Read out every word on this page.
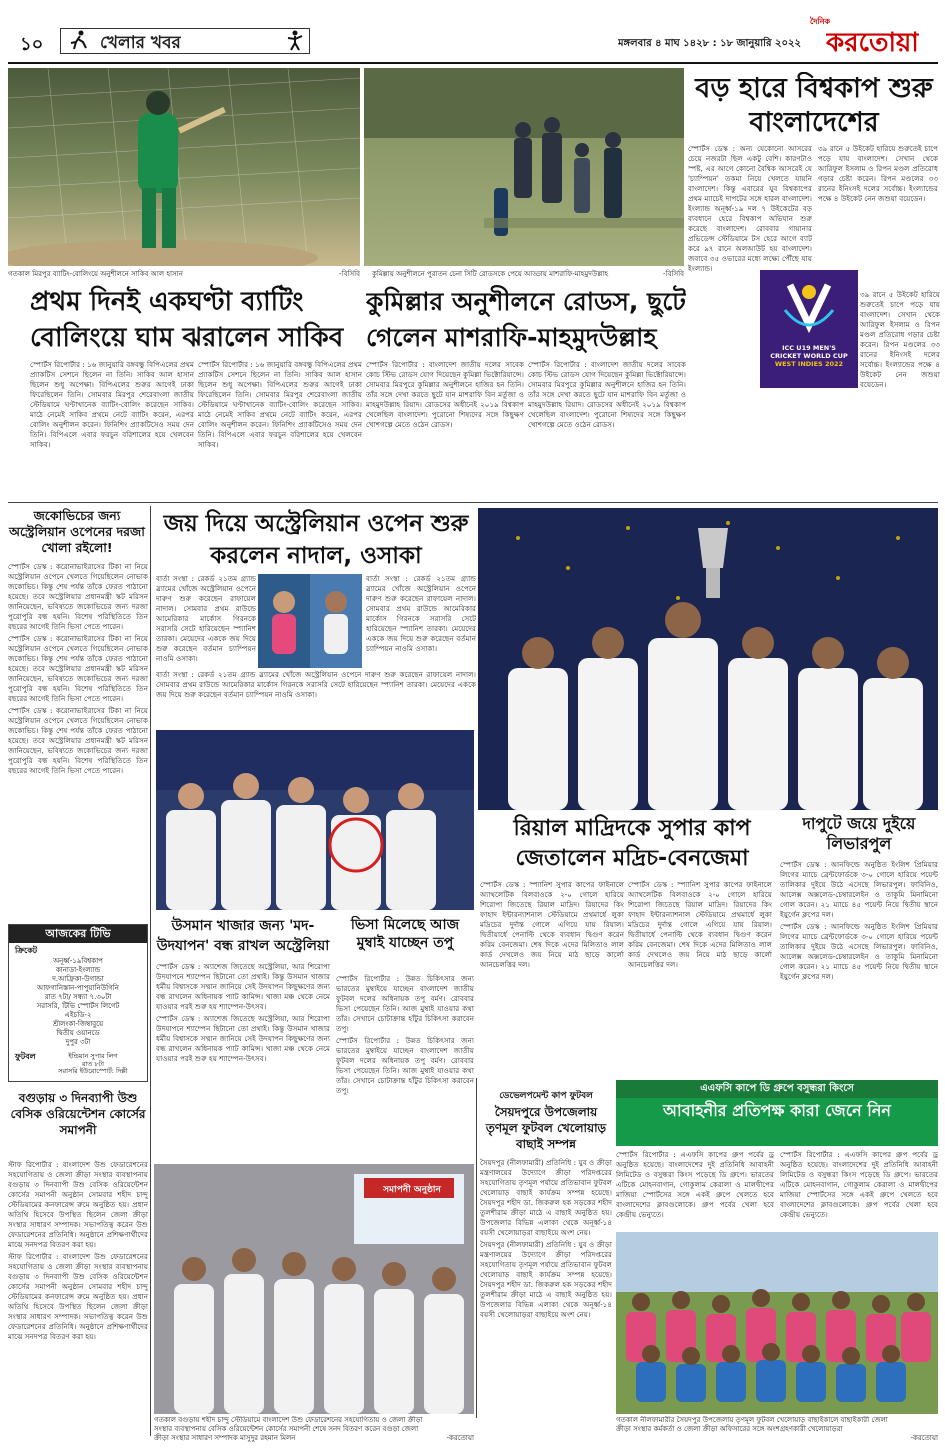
১০	খেলার খবর	মঙ্গলবার ৪ মাঘ ১৪২৮ : ১৮ জানুয়ারি ২০২২
দৈনিক
করতোয়া
গতকাল মিরপুর ব্যাটিং-বোলিংয়ে অনুশীলনে সাকিব আল হাসান	-বিসিবি কুমিল্লায় অনুশীলনে পুরাতন চেনা সিটি রোডসকে পেয়ে আড্ডায় মাশরাফি-মাহমুদউল্লাহ	-বিসিবি
বড় হারে বিশ্বকাপ শুরু বাংলাদেশের

স্পোর্টস ডেস্ক : অন্য যেকোনো আসরের চেয়ে নজরটা ছিল একটু বেশি। কারণটাও স্পষ্ট, এর আগে কোনো বৈশ্বিক আসরেই যে 'চ্যাম্পিয়ন' তকমা নিয়ে খেলতে যায়নি বাংলাদেশ। কিন্তু এবারের যুব বিশ্বকাপের প্রথম ম্যাচেই দাপটের সঙ্গে হারল বাংলাদেশ। ইংল্যান্ড অনূর্ধ্ব-১৯ দল ৭ উইকেটের বড় ব্যবধানে হেরে বিশ্বকাপ অভিযান শুরু করেছে বাংলাদেশ। রোববার গায়ানার প্রভিডেন্স স্টেডিয়ামে টস হেরে আগে ব্যাট করে ৯৭ রানে অলআউট হয় বাংলাদেশ। জবাবে ৩৫ ওভারের মধ্যে লক্ষ্যে পৌঁছে যায় ইংল্যান্ড।

৩৯ রানে ৫ উইকেট হারিয়ে শুরুতেই চাপে পড়ে যায় বাংলাদেশ। সেখান থেকে আরিফুল ইসলাম ও রিপন মণ্ডল প্রতিরোধ গড়ার চেষ্টা করেন। রিপন মণ্ডলের ৩৩ রানের ইনিংসই দলের সর্বোচ্চ। ইংল্যান্ডের পক্ষে ৪ উইকেট নেন জশুয়া বয়েডেন।

ICC U19 MEN'S
CRICKET WORLD CUP
WEST INDIES 2022

৩৯ রানে ৫ উইকেট হারিয়ে শুরুতেই চাপে পড়ে যায় বাংলাদেশ। সেখান থেকে আরিফুল ইসলাম ও রিপন মণ্ডল প্রতিরোধ গড়ার চেষ্টা করেন। রিপন মণ্ডলের ৩৩ রানের ইনিংসই দলের সর্বোচ্চ। ইংল্যান্ডের পক্ষে ৪ উইকেট নেন জশুয়া বয়েডেন।

প্রথম দিনই একঘণ্টা ব্যাটিং বোলিংয়ে ঘাম ঝরালেন সাকিব

স্পোর্টস রিপোর্টার : ১৬ জানুয়ারি বঙ্গবন্ধু বিপিএলের প্রথম প্র্যাকটিস সেশনে ছিলেন না তিনি। সাকিব আল হাসান ছিলেন শুধু অপেক্ষা। বিপিএলের শুরুর আগেই ঢাকা ফিরেছিলেন তিনি। সোমবার মিরপুর শেরেবাংলা জাতীয় স্টেডিয়ামে ঘণ্টাখানেক ব্যাটিং-বোলিং করেছেন সাকিব। মাঠে নেমেই সাকিব প্রথমে নেটে ব্যাটিং করেন, এরপর বোলিং অনুশীলন করেন। ফিনিশিং প্র্যাকটিসেও সময় দেন তিনি। বিপিএলে এবার ফরচুন বরিশালের হয়ে খেলবেন সাকিব।

স্পোর্টস রিপোর্টার : ১৬ জানুয়ারি বঙ্গবন্ধু বিপিএলের প্রথম প্র্যাকটিস সেশনে ছিলেন না তিনি। সাকিব আল হাসান ছিলেন শুধু অপেক্ষা। বিপিএলের শুরুর আগেই ঢাকা ফিরেছিলেন তিনি। সোমবার মিরপুর শেরেবাংলা জাতীয় স্টেডিয়ামে ঘণ্টাখানেক ব্যাটিং-বোলিং করেছেন সাকিব। মাঠে নেমেই সাকিব প্রথমে নেটে ব্যাটিং করেন, এরপর বোলিং অনুশীলন করেন। ফিনিশিং প্র্যাকটিসেও সময় দেন তিনি। বিপিএলে এবার ফরচুন বরিশালের হয়ে খেলবেন সাকিব।

কুমিল্লার অনুশীলনে রোডস, ছুটে গেলেন মাশরাফি-মাহমুদউল্লাহ

স্পোর্টস রিপোর্টার : বাংলাদেশ জাতীয় দলের সাবেক কোচ স্টিভ রোডস যোগ দিয়েছেন কুমিল্লা ভিক্টোরিয়ান্সে। সোমবার মিরপুরে কুমিল্লার অনুশীলনে হাজির হন তিনি। তাঁর সঙ্গে দেখা করতে ছুটে যান মাশরাফি বিন মর্তুজা ও মাহমুদউল্লাহ রিয়াদ। রোডসের অধীনেই ২০১৯ বিশ্বকাপ খেলেছিল বাংলাদেশ। পুরোনো শিষ্যদের সঙ্গে কিছুক্ষণ খোশগল্পে মেতে ওঠেন রোডস।

স্পোর্টস রিপোর্টার : বাংলাদেশ জাতীয় দলের সাবেক কোচ স্টিভ রোডস যোগ দিয়েছেন কুমিল্লা ভিক্টোরিয়ান্সে। সোমবার মিরপুরে কুমিল্লার অনুশীলনে হাজির হন তিনি। তাঁর সঙ্গে দেখা করতে ছুটে যান মাশরাফি বিন মর্তুজা ও মাহমুদউল্লাহ রিয়াদ। রোডসের অধীনেই ২০১৯ বিশ্বকাপ খেলেছিল বাংলাদেশ। পুরোনো শিষ্যদের সঙ্গে কিছুক্ষণ খোশগল্পে মেতে ওঠেন রোডস।

জকোভিচের জন্য অস্ট্রেলিয়ান ওপেনের দরজা খোলা রইলো!

স্পোর্টস ডেস্ক : করোনাভাইরাসের টিকা না নিয়ে অস্ট্রেলিয়ান ওপেনে খেলতে গিয়েছিলেন নোভাক জকোভিচ। কিন্তু শেষ পর্যন্ত তাঁকে ফেরত পাঠানো হয়েছে। তবে অস্ট্রেলিয়ার প্রধানমন্ত্রী স্কট মরিসন জানিয়েছেন, ভবিষ্যতে জকোভিচের জন্য দরজা পুরোপুরি বন্ধ হয়নি। বিশেষ পরিস্থিতিতে তিন বছরের আগেই তিনি ভিসা পেতে পারেন।

স্পোর্টস ডেস্ক : করোনাভাইরাসের টিকা না নিয়ে অস্ট্রেলিয়ান ওপেনে খেলতে গিয়েছিলেন নোভাক জকোভিচ। কিন্তু শেষ পর্যন্ত তাঁকে ফেরত পাঠানো হয়েছে। তবে অস্ট্রেলিয়ার প্রধানমন্ত্রী স্কট মরিসন জানিয়েছেন, ভবিষ্যতে জকোভিচের জন্য দরজা পুরোপুরি বন্ধ হয়নি। বিশেষ পরিস্থিতিতে তিন বছরের আগেই তিনি ভিসা পেতে পারেন।

স্পোর্টস ডেস্ক : করোনাভাইরাসের টিকা না নিয়ে অস্ট্রেলিয়ান ওপেনে খেলতে গিয়েছিলেন নোভাক জকোভিচ। কিন্তু শেষ পর্যন্ত তাঁকে ফেরত পাঠানো হয়েছে। তবে অস্ট্রেলিয়ার প্রধানমন্ত্রী স্কট মরিসন জানিয়েছেন, ভবিষ্যতে জকোভিচের জন্য দরজা পুরোপুরি বন্ধ হয়নি। বিশেষ পরিস্থিতিতে তিন বছরের আগেই তিনি ভিসা পেতে পারেন।

জয় দিয়ে অস্ট্রেলিয়ান ওপেন শুরু করলেন নাদাল, ওসাকা

বার্তা সংস্থা : রেকর্ড ২১তম গ্র্যান্ড স্ল্যামের খোঁজে অস্ট্রেলিয়ান ওপেনে দারুণ শুরু করেছেন রাফায়েল নাদাল। সোমবার প্রথম রাউন্ডে আমেরিকার মার্কোস গিরনকে সরাসরি সেটে হারিয়েছেন স্প্যানিশ তারকা। মেয়েদের এককে জয় দিয়ে শুরু করেছেন বর্তমান চ্যাম্পিয়ন নাওমি ওসাকা।

বার্তা সংস্থা : রেকর্ড ২১তম গ্র্যান্ড স্ল্যামের খোঁজে অস্ট্রেলিয়ান ওপেনে দারুণ শুরু করেছেন রাফায়েল নাদাল। সোমবার প্রথম রাউন্ডে আমেরিকার মার্কোস গিরনকে সরাসরি সেটে হারিয়েছেন স্প্যানিশ তারকা। মেয়েদের এককে জয় দিয়ে শুরু করেছেন বর্তমান চ্যাম্পিয়ন নাওমি ওসাকা।

বার্তা সংস্থা : রেকর্ড ২১তম গ্র্যান্ড স্ল্যামের খোঁজে অস্ট্রেলিয়ান ওপেনে দারুণ শুরু করেছেন রাফায়েল নাদাল। সোমবার প্রথম রাউন্ডে আমেরিকার মার্কোস গিরনকে সরাসরি সেটে হারিয়েছেন স্প্যানিশ তারকা। মেয়েদের এককে জয় দিয়ে শুরু করেছেন বর্তমান চ্যাম্পিয়ন নাওমি ওসাকা।

রিয়াল মাদ্রিদকে সুপার কাপ জেতালেন মদ্রিচ-বেনজেমা

স্পোর্টস ডেস্ক : স্প্যানিশ সুপার কাপের ফাইনালে অ্যাথলেটিক বিলবাওকে ২-০ গোলে হারিয়ে শিরোপা জিতেছে রিয়াল মাদ্রিদ। রিয়াদের কিং ফাহাদ ইন্টারন্যাশনাল স্টেডিয়ামে প্রথমার্ধে লুকা মদ্রিচের দুর্দান্ত গোলে এগিয়ে যায় রিয়াল। দ্বিতীয়ার্ধে পেনাল্টি থেকে ব্যবধান দ্বিগুণ করেন করিম বেনজেমা। শেষ দিকে এদের মিলিতাও লাল কার্ড দেখলেও জয় নিয়ে মাঠ ছাড়ে কার্লো আনচেলত্তির দল।

স্পোর্টস ডেস্ক : স্প্যানিশ সুপার কাপের ফাইনালে অ্যাথলেটিক বিলবাওকে ২-০ গোলে হারিয়ে শিরোপা জিতেছে রিয়াল মাদ্রিদ। রিয়াদের কিং ফাহাদ ইন্টারন্যাশনাল স্টেডিয়ামে প্রথমার্ধে লুকা মদ্রিচের দুর্দান্ত গোলে এগিয়ে যায় রিয়াল। দ্বিতীয়ার্ধে পেনাল্টি থেকে ব্যবধান দ্বিগুণ করেন করিম বেনজেমা। শেষ দিকে এদের মিলিতাও লাল কার্ড দেখলেও জয় নিয়ে মাঠ ছাড়ে কার্লো আনচেলত্তির দল।

দাপুটে জয়ে দুইয়ে লিভারপুল

স্পোর্টস ডেস্ক : আনফিল্ডে অনুষ্ঠিত ইংলিশ প্রিমিয়ার লিগের ম্যাচে ব্রেন্টফোর্ডকে ৩-০ গোলে হারিয়ে পয়েন্ট তালিকার দুইয়ে উঠে এসেছে লিভারপুল। ফাবিনিও, আলেক্স অক্সলেড-চেম্বারলেইন ও তাকুমি মিনামিনো গোল করেন। ২১ ম্যাচে ৪৫ পয়েন্ট নিয়ে দ্বিতীয় স্থানে ইয়ুর্গেন ক্লপের দল।

স্পোর্টস ডেস্ক : আনফিল্ডে অনুষ্ঠিত ইংলিশ প্রিমিয়ার লিগের ম্যাচে ব্রেন্টফোর্ডকে ৩-০ গোলে হারিয়ে পয়েন্ট তালিকার দুইয়ে উঠে এসেছে লিভারপুল। ফাবিনিও, আলেক্স অক্সলেড-চেম্বারলেইন ও তাকুমি মিনামিনো গোল করেন। ২১ ম্যাচে ৪৫ পয়েন্ট নিয়ে দ্বিতীয় স্থানে ইয়ুর্গেন ক্লপের দল।

উসমান খাজার জন্য 'মদ-উদযাপন' বন্ধ রাখল অস্ট্রেলিয়া

স্পোর্টস ডেস্ক : অ্যাশেজ জিতেছে অস্ট্রেলিয়া, আর শিরোপা উদযাপনে শ্যাম্পেন ছিটানো তো প্রথাই। কিন্তু উসমান খাজার ধর্মীয় বিশ্বাসকে সম্মান জানিয়ে সেই উদযাপন কিছুক্ষণের জন্য বন্ধ রাখলেন অধিনায়ক প্যাট কামিন্স। খাজা মঞ্চ থেকে নেমে যাওয়ার পরই শুরু হয় শ্যাম্পেন-উৎসব।

স্পোর্টস ডেস্ক : অ্যাশেজ জিতেছে অস্ট্রেলিয়া, আর শিরোপা উদযাপনে শ্যাম্পেন ছিটানো তো প্রথাই। কিন্তু উসমান খাজার ধর্মীয় বিশ্বাসকে সম্মান জানিয়ে সেই উদযাপন কিছুক্ষণের জন্য বন্ধ রাখলেন অধিনায়ক প্যাট কামিন্স। খাজা মঞ্চ থেকে নেমে যাওয়ার পরই শুরু হয় শ্যাম্পেন-উৎসব।

ভিসা মিলেছে আজ মুম্বাই যাচ্ছেন তপু

স্পোর্টস রিপোর্টার : উন্নত চিকিৎসার জন্য ভারতের মুম্বাইয়ে যাচ্ছেন বাংলাদেশ জাতীয় ফুটবল দলের অধিনায়ক তপু বর্মণ। রোববার ভিসা পেয়েছেন তিনি। আজ মুম্বাই যাওয়ার কথা তাঁর। সেখানে চোটাক্রান্ত হাঁটুর চিকিৎসা করাবেন তপু।

স্পোর্টস রিপোর্টার : উন্নত চিকিৎসার জন্য ভারতের মুম্বাইয়ে যাচ্ছেন বাংলাদেশ জাতীয় ফুটবল দলের অধিনায়ক তপু বর্মণ। রোববার ভিসা পেয়েছেন তিনি। আজ মুম্বাই যাওয়ার কথা তাঁর। সেখানে চোটাক্রান্ত হাঁটুর চিকিৎসা করাবেন তপু।

আজকের টিভি
ক্রিকেট
অনূর্ধ্ব-১৯বিশ্বকাপ
কানাডা-ইংল্যান্ড
দ.আফ্রিকা-উগান্ডা
আফগানিস্তান-পাপুয়ানিউগিনি
রাত ৭টা/ সন্ধ্যা ৭.৩০টা
সরাসরি, টিভি স্পোর্টস লিগেট
এইচডি-২
শ্রীলংকা-জিম্বাবুয়ে
দ্বিতীয় ওয়ানডে
দুপুর ৩টা
ফুটবল	ইন্ডিয়ান সুপার লিগ
রাত ৮টা
সরাসরি ইউরোস্পোর্ট: দিল্লী
বগুড়ায় ৩ দিনব্যাপী উশু বেসিক ওরিয়েন্টেশন কোর্সের সমাপনী

স্টাফ রিপোর্টার : বাংলাদেশ উশু ফেডারেশনের সহযোগিতায় ও জেলা ক্রীড়া সংস্থার ব্যবস্থাপনায় বগুড়ায় ৩ দিনব্যাপী উশু বেসিক ওরিয়েন্টেশন কোর্সের সমাপনী অনুষ্ঠান সোমবার শহীদ চান্দু স্টেডিয়ামের কনফারেন্স রুমে অনুষ্ঠিত হয়। প্রধান অতিথি হিসেবে উপস্থিত ছিলেন জেলা ক্রীড়া সংস্থার সাধারণ সম্পাদক। সভাপতিত্ব করেন উশু ফেডারেশনের প্রতিনিধি। অনুষ্ঠানে প্রশিক্ষণার্থীদের মাঝে সনদপত্র বিতরণ করা হয়।

স্টাফ রিপোর্টার : বাংলাদেশ উশু ফেডারেশনের সহযোগিতায় ও জেলা ক্রীড়া সংস্থার ব্যবস্থাপনায় বগুড়ায় ৩ দিনব্যাপী উশু বেসিক ওরিয়েন্টেশন কোর্সের সমাপনী অনুষ্ঠান সোমবার শহীদ চান্দু স্টেডিয়ামের কনফারেন্স রুমে অনুষ্ঠিত হয়। প্রধান অতিথি হিসেবে উপস্থিত ছিলেন জেলা ক্রীড়া সংস্থার সাধারণ সম্পাদক। সভাপতিত্ব করেন উশু ফেডারেশনের প্রতিনিধি। অনুষ্ঠানে প্রশিক্ষণার্থীদের মাঝে সনদপত্র বিতরণ করা হয়।

সমাপনী অনুষ্ঠান
ডেভেলপমেন্ট কাপ ফুটবল
সৈয়দপুরে উপজেলায় তৃণমূল ফুটবল খেলোয়াড় বাছাই সম্পন্ন

সৈয়দপুর (নীলফামারী) প্রতিনিধি : যুব ও ক্রীড়া মন্ত্রণালয়ের উদ্যোগে ক্রীড়া পরিদপ্তরের সহযোগিতায় তৃণমূল পর্যায়ে প্রতিভাবান ফুটবল খেলোয়াড় বাছাই কার্যক্রম সম্পন্ন হয়েছে। সৈয়দপুর শহীদ ডা. জিকরুল হক সড়কের শহীদ তুলশীরাম ক্রীড়া মাঠে এ বাছাই অনুষ্ঠিত হয়। উপজেলার বিভিন্ন এলাকা থেকে অনূর্ধ্ব-১৪ বয়সী খেলোয়াড়রা বাছাইয়ে অংশ নেয়।

সৈয়দপুর (নীলফামারী) প্রতিনিধি : যুব ও ক্রীড়া মন্ত্রণালয়ের উদ্যোগে ক্রীড়া পরিদপ্তরের সহযোগিতায় তৃণমূল পর্যায়ে প্রতিভাবান ফুটবল খেলোয়াড় বাছাই কার্যক্রম সম্পন্ন হয়েছে। সৈয়দপুর শহীদ ডা. জিকরুল হক সড়কের শহীদ তুলশীরাম ক্রীড়া মাঠে এ বাছাই অনুষ্ঠিত হয়। উপজেলার বিভিন্ন এলাকা থেকে অনূর্ধ্ব-১৪ বয়সী খেলোয়াড়রা বাছাইয়ে অংশ নেয়।

এএফসি কাপে ডি গ্রুপে বসুন্ধরা কিংসে
আবাহনীর প্রতিপক্ষ কারা জেনে নিন

স্পোর্টস রিপোর্টার : এএফসি কাপের গ্রুপ পর্বের ড্র অনুষ্ঠিত হয়েছে। বাংলাদেশের দুই প্রতিনিধি আবাহনী লিমিটেড ও বসুন্ধরা কিংস পড়েছে ডি গ্রুপে। ভারতের এটিকে মোহনবাগান, গোকুলাম কেরালা ও মালদ্বীপের মাজিয়া স্পোর্টসের সঙ্গে একই গ্রুপে খেলতে হবে বাংলাদেশের ক্লাবগুলোকে। গ্রুপ পর্বের খেলা হবে কেন্দ্রীয় ভেন্যুতে।

স্পোর্টস রিপোর্টার : এএফসি কাপের গ্রুপ পর্বের ড্র অনুষ্ঠিত হয়েছে। বাংলাদেশের দুই প্রতিনিধি আবাহনী লিমিটেড ও বসুন্ধরা কিংস পড়েছে ডি গ্রুপে। ভারতের এটিকে মোহনবাগান, গোকুলাম কেরালা ও মালদ্বীপের মাজিয়া স্পোর্টসের সঙ্গে একই গ্রুপে খেলতে হবে বাংলাদেশের ক্লাবগুলোকে। গ্রুপ পর্বের খেলা হবে কেন্দ্রীয় ভেন্যুতে।

গতকাল বগুড়ায় শহীদ চান্দু স্টেডিয়ামে বাংলাদেশ উশু ফেডারেশনের সহযোগিতায় ও জেলা ক্রীড়া সংস্থার ব্যবস্থাপনায় বেসিক ওরিয়েন্টেশন কোর্সের সমাপনী শেষে সনদ বিতরণ করেন বগুড়া জেলা ক্রীড়া সংস্থার সাধারণ সম্পাদক মাসুদুর রহমান মিলন	-করতোয়া
গতকাল নীলফামারীর সৈয়দপুর উপজেলায় তৃণমূল ফুটবল খেলোয়াড় বাছাইকালে বাছাইকারী জেলা ক্রীড়া সংস্থার কর্মকর্তা ও জেলা ক্রীড়া অফিসারের সঙ্গে অংশগ্রহণকারী খেলোয়াড়রা
-করতোয়া
